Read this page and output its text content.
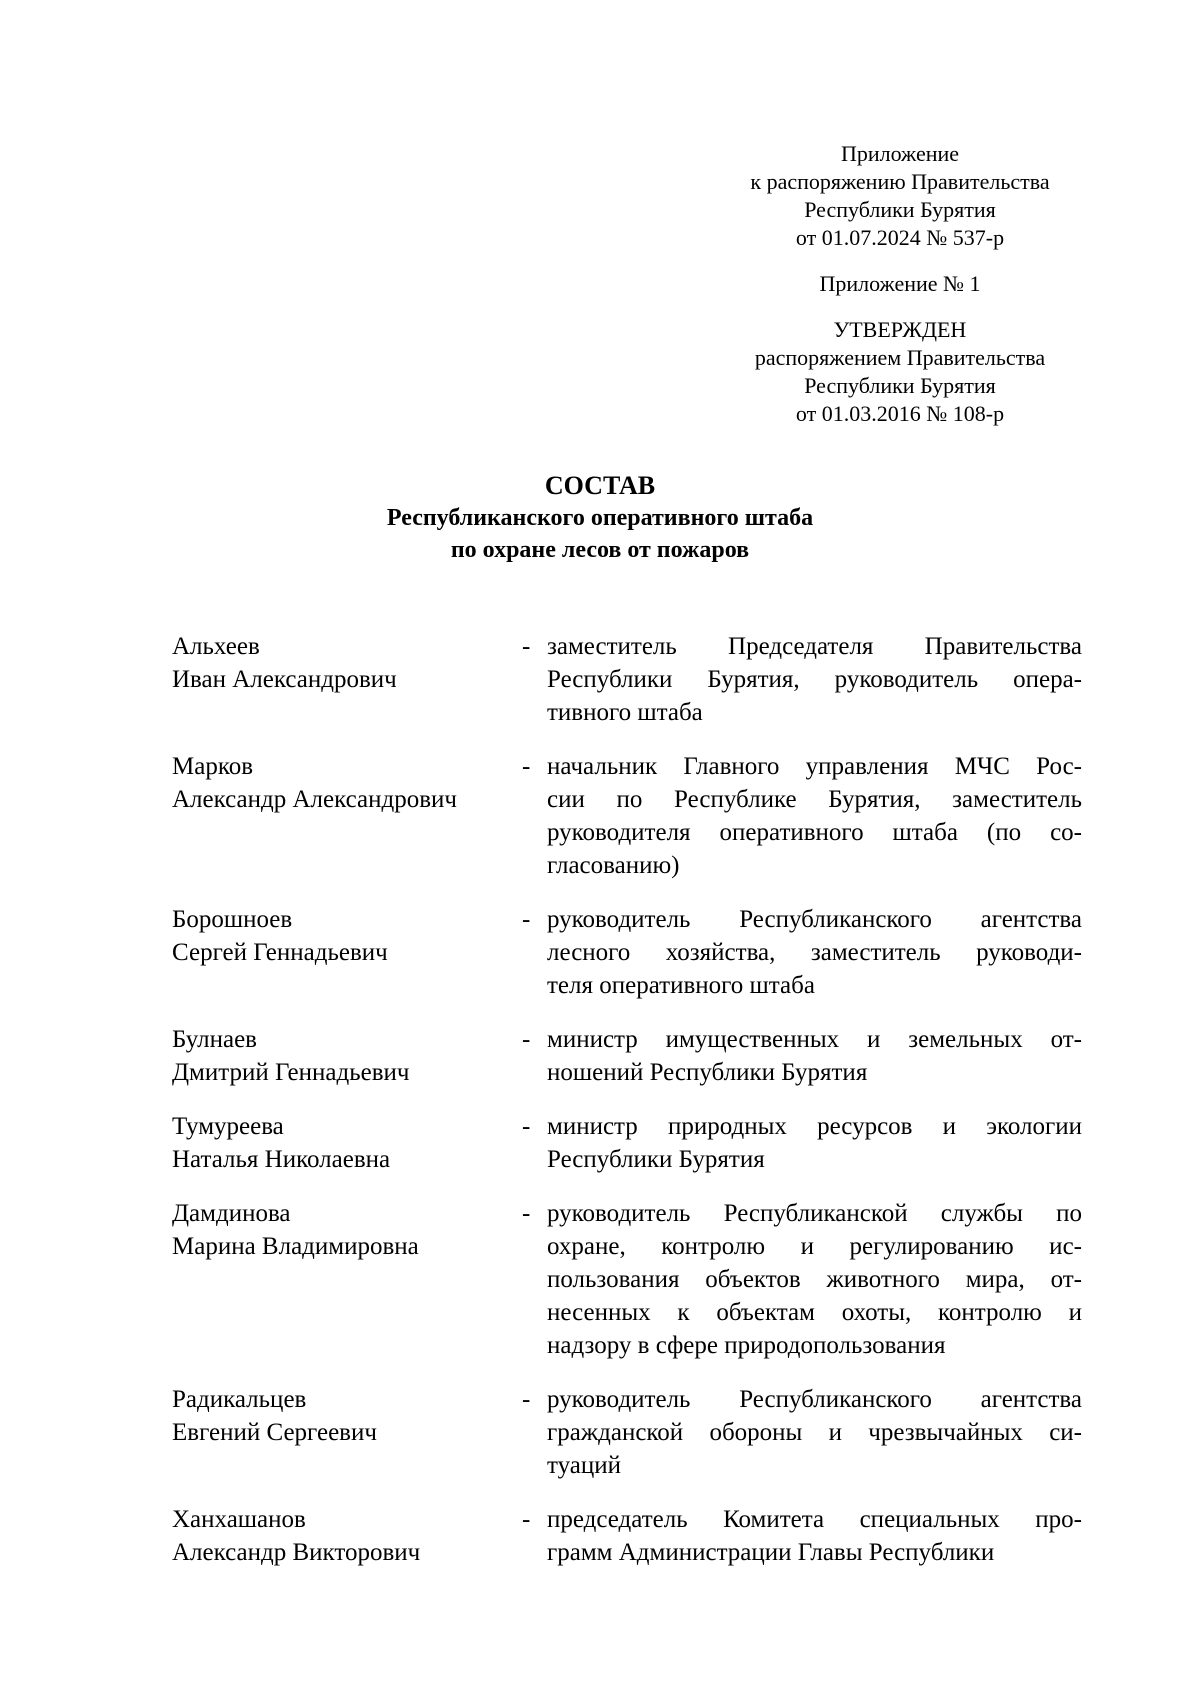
Приложение
к распоряжению Правительства
Республики Бурятия
от 01.07.2024 № 537-р
Приложение № 1
УТВЕРЖДЕН
распоряжением Правительства
Республики Бурятия
от 01.03.2016 № 108-р
СОСТАВ
Республиканского оперативного штаба
по охране лесов от пожаров
Альхеев
Иван Александрович
- заместитель Председателя Правительства
Республики Бурятия, руководитель опера-
тивного штаба
Марков
Александр Александрович
- начальник Главного управления МЧС Рос-
сии по Республике Бурятия, заместитель
руководителя оперативного штаба (по со-
гласованию)
Борошноев
Сергей Геннадьевич
- руководитель Республиканского агентства
лесного хозяйства, заместитель руководи-
теля оперативного штаба
Булнаев
Дмитрий Геннадьевич
- министр имущественных и земельных от-
ношений Республики Бурятия
Тумуреева
Наталья Николаевна
- министр природных ресурсов и экологии
Республики Бурятия
Дамдинова
Марина Владимировна
- руководитель Республиканской службы по
охране, контролю и регулированию ис-
пользования объектов животного мира, от-
несенных к объектам охоты, контролю и
надзору в сфере природопользования
Радикальцев
Евгений Сергеевич
- руководитель Республиканского агентства
гражданской обороны и чрезвычайных си-
туаций
Ханхашанов
Александр Викторович
- председатель Комитета специальных про-
грамм Администрации Главы Республики
